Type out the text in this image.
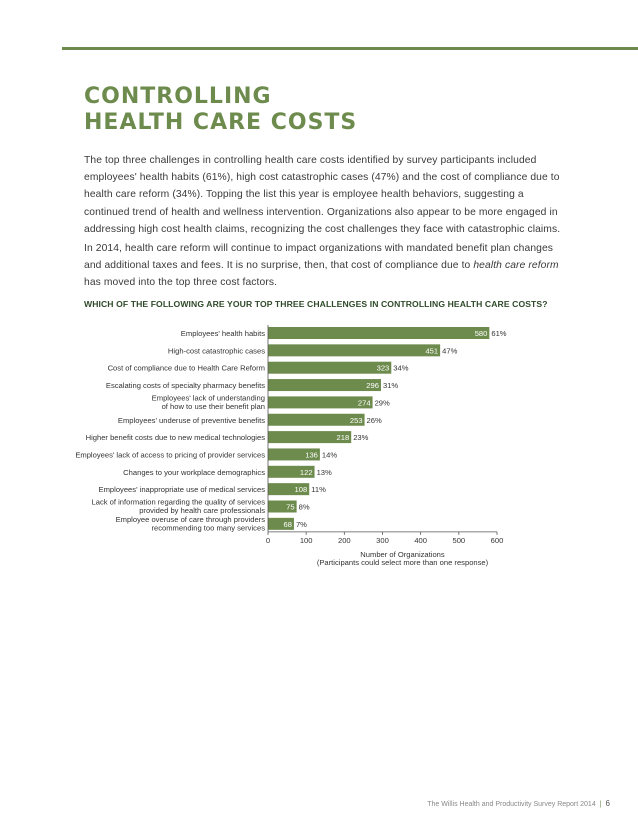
CONTROLLING
HEALTH CARE COSTS

The top three challenges in controlling health care costs identified by survey participants included employees' health habits (61%), high cost catastrophic cases (47%) and the cost of compliance due to health care reform (34%). Topping the list this year is employee health behaviors, suggesting a continued trend of health and wellness intervention. Organizations also appear to be more engaged in addressing high cost health claims, recognizing the cost challenges they face with catastrophic claims.

In 2014, health care reform will continue to impact organizations with mandated benefit plan changes and additional taxes and fees. It is no surprise, then, that cost of compliance due to health care reform has moved into the top three cost factors.

WHICH OF THE FOLLOWING ARE YOUR TOP THREE CHALLENGES IN CONTROLLING HEALTH CARE COSTS?

Employees' health habits	580 61%
High-cost catastrophic cases	451 47%
Cost of compliance due to Health Care Reform	323 34%
Escalating costs of specialty pharmacy benefits	296 31%
Employees' lack of understanding
of how to use their benefit plan	274 29%
Employees' underuse of preventive benefits	253 26%
Higher benefit costs due to new medical technologies	218 23%
Employees' lack of access to pricing of provider services	136 14%
Changes to your workplace demographics	122 13%
Employees' inappropriate use of medical services	108 11%
Lack of information regarding the quality of services
provided by health care professionals	75 8%
Employee overuse of care through providers
recommending too many services 68 7%
0	100	200	300	400	500	600
Number of Organizations
(Participants could select more than one response)
The Willis Health and Productivity Survey Report 2014 | 6
